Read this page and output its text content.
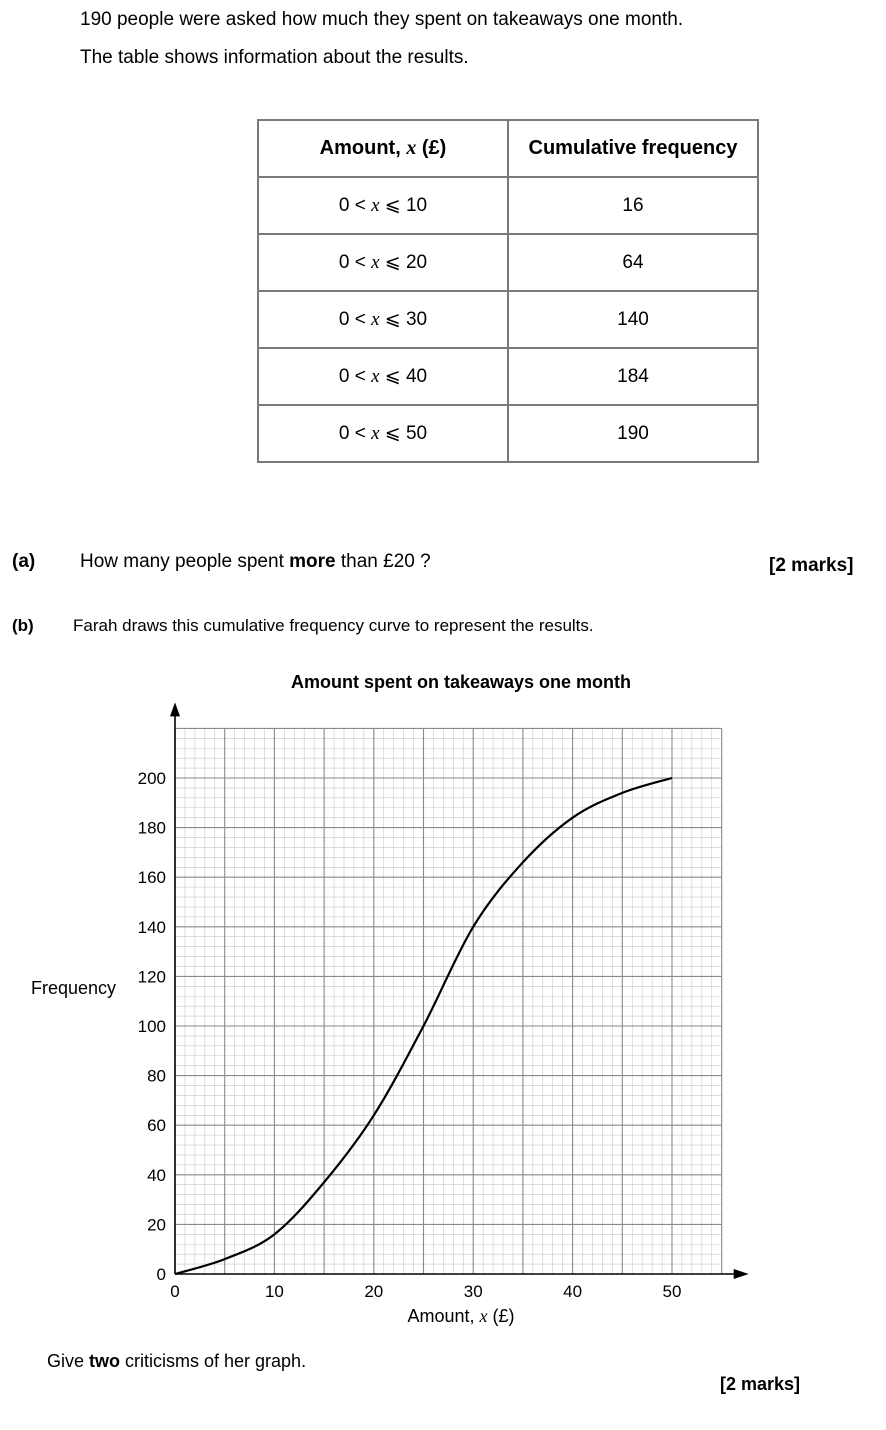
190 people were asked how much they spent on takeaways one month.
The table shows information about the results.
Amount, x (£)	Cumulative frequency
0 < x ⩽ 10	16
0 < x ⩽ 20	64
0 < x ⩽ 30	140
0 < x ⩽ 40	184
0 < x ⩽ 50	190
(a) How many people spent more than £20 ?	[2 marks]
(b) Farah draws this cumulative frequency curve to represent the results.
Amount spent on takeaways one month
0
20
40
60
80
100
120
140
160
180
200
0	10	20	30	40	50
Frequency
Amount, x (£)
Give two criticisms of her graph.
[2 marks]
